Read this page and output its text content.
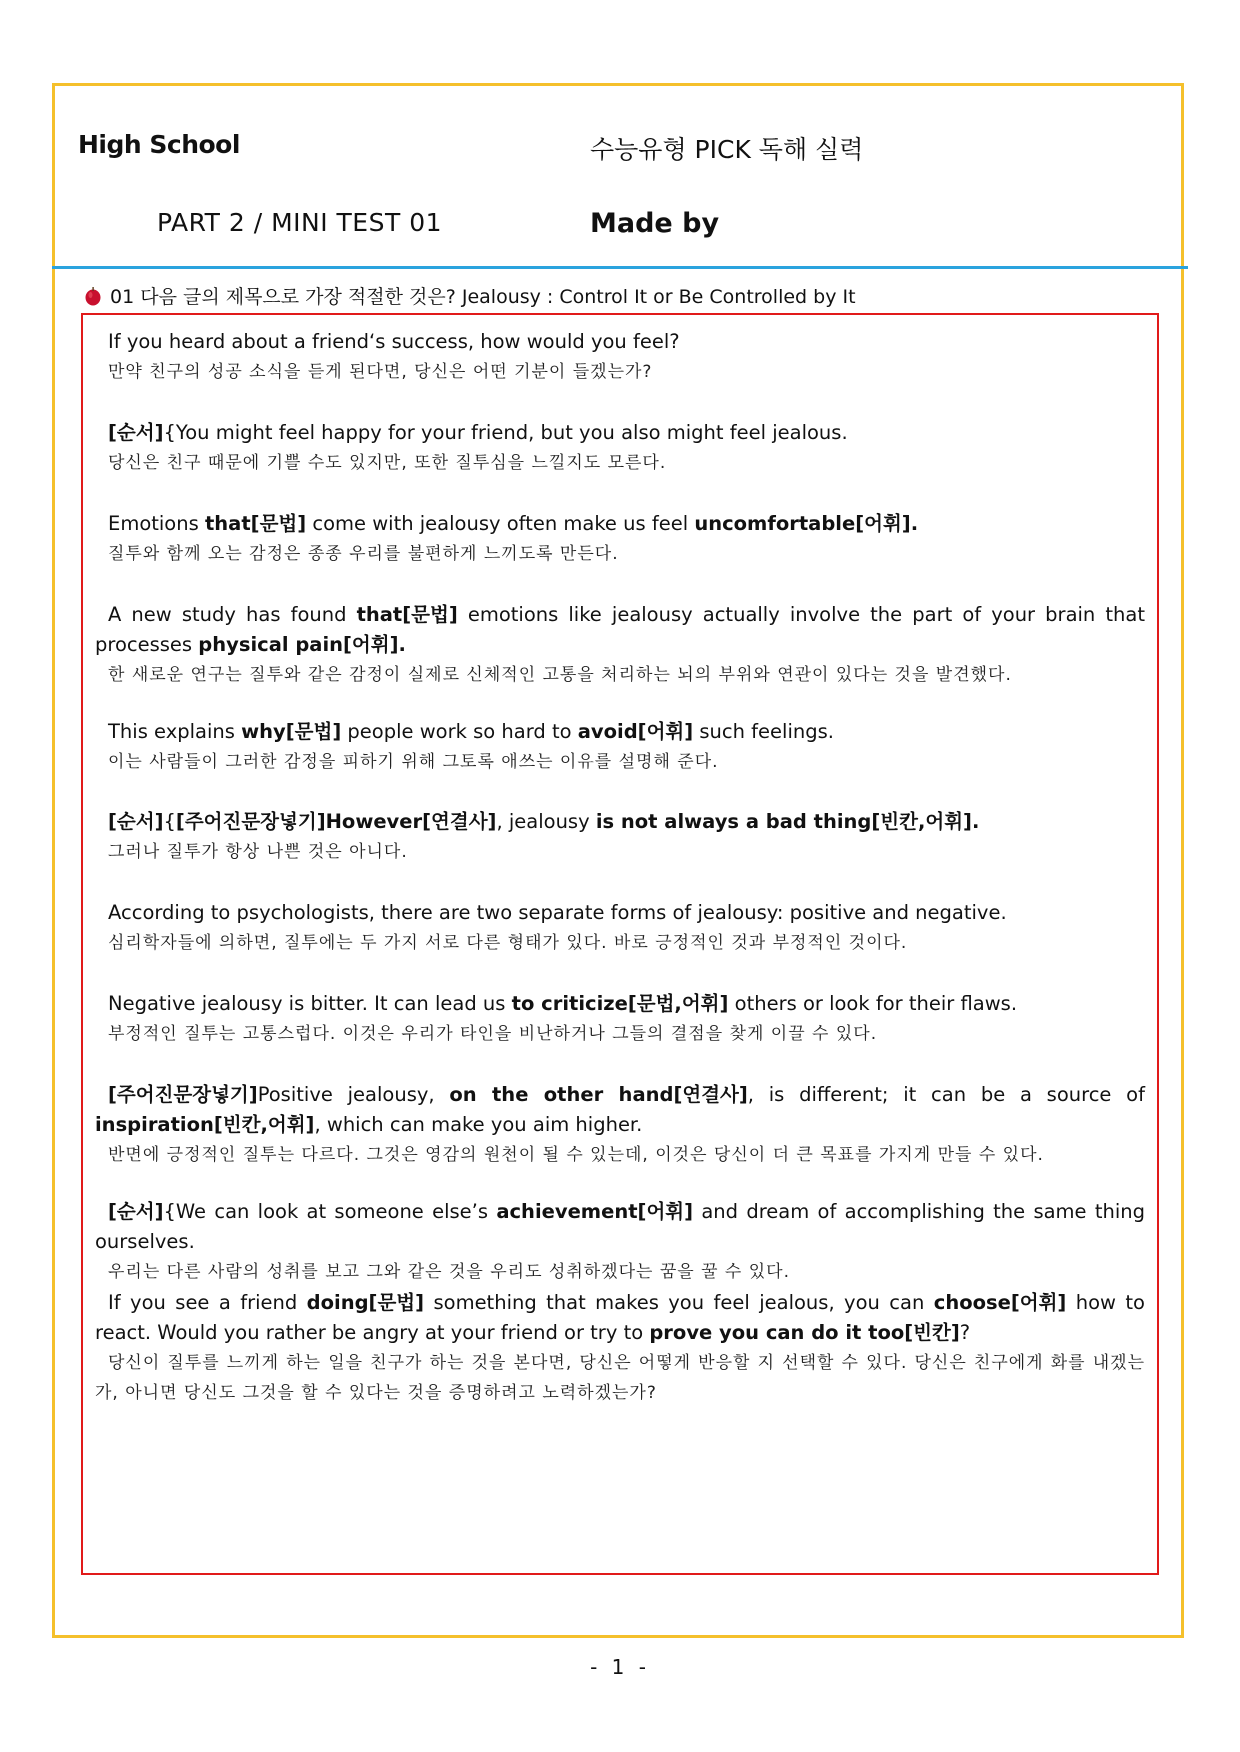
High School	수능유형 PICK 독해 실력
PART 2 / MINI TEST 01	Made by
01 다음 글의 제목으로 가장 적절한 것은? Jealousy : Control It or Be Controlled by It
If you heard about a friend‘s success, how would you feel?
만약 친구의 성공 소식을 듣게 된다면, 당신은 어떤 기분이 들겠는가?
[순서]{You might feel happy for your friend, but you also might feel jealous.
당신은 친구 때문에 기쁠 수도 있지만, 또한 질투심을 느낄지도 모른다.
Emotions that[문법] come with jealousy often make us feel uncomfortable[어휘].
질투와 함께 오는 감정은 종종 우리를 불편하게 느끼도록 만든다.
A new study has found that[문법] emotions like jealousy actually involve the part of your brain that processes physical pain[어휘].
한 새로운 연구는 질투와 같은 감정이 실제로 신체적인 고통을 처리하는 뇌의 부위와 연관이 있다는 것을 발견했다.
This explains why[문법] people work so hard to avoid[어휘] such feelings.
이는 사람들이 그러한 감정을 피하기 위해 그토록 애쓰는 이유를 설명해 준다.
[순서]{[주어진문장넣기]However[연결사], jealousy is not always a bad thing[빈칸,어휘].
그러나 질투가 항상 나쁜 것은 아니다.
According to psychologists, there are two separate forms of jealousy: positive and negative.
심리학자들에 의하면, 질투에는 두 가지 서로 다른 형태가 있다. 바로 긍정적인 것과 부정적인 것이다.
Negative jealousy is bitter. It can lead us to criticize[문법,어휘] others or look for their flaws.
부정적인 질투는 고통스럽다. 이것은 우리가 타인을 비난하거나 그들의 결점을 찾게 이끌 수 있다.
[주어진문장넣기]Positive jealousy, on the other hand[연결사], is different; it can be a source of inspiration[빈칸,어휘], which can make you aim higher.
반면에 긍정적인 질투는 다르다. 그것은 영감의 원천이 될 수 있는데, 이것은 당신이 더 큰 목표를 가지게 만들 수 있다.
[순서]{We can look at someone else’s achievement[어휘] and dream of accomplishing the same thing ourselves.
우리는 다른 사람의 성취를 보고 그와 같은 것을 우리도 성취하겠다는 꿈을 꿀 수 있다.
If you see a friend doing[문법] something that makes you feel jealous, you can choose[어휘] how to react. Would you rather be angry at your friend or try to prove you can do it too[빈칸]?
당신이 질투를 느끼게 하는 일을 친구가 하는 것을 본다면, 당신은 어떻게 반응할 지 선택할 수 있다. 당신은 친구에게 화를 내겠는가, 아니면 당신도 그것을 할 수 있다는 것을 증명하려고 노력하겠는가?
- 1 -
